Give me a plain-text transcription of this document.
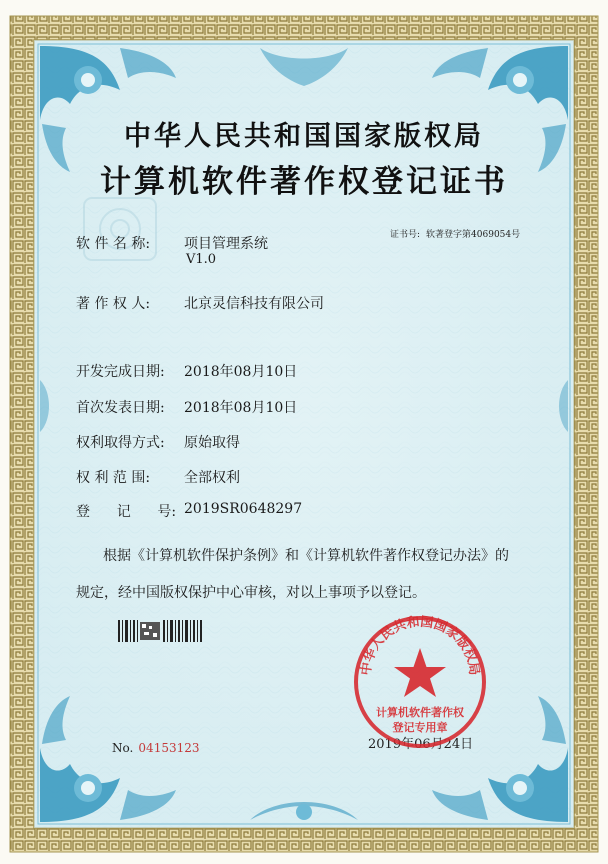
中华人民共和国国家版权局
计算机软件著作权登记证书
证书号: 软著登字第4069054号
软 件 名 称: 项目管理系统
V1.0
著 作 权 人: 北京灵信科技有限公司
开发完成日期: 2018年08月10日
首次发表日期: 2018年08月10日
权利取得方式: 原始取得
权 利 范 围: 全部权利
登      记      号: 2019SR0648297
根据《计算机软件保护条例》和《计算机软件著作权登记办法》的
规定，经中国版权保护中心审核，对以上事项予以登记。
No. 04153123	2019年06月24日
中华人民共和国国家版权局
计算机软件著作权
登记专用章
